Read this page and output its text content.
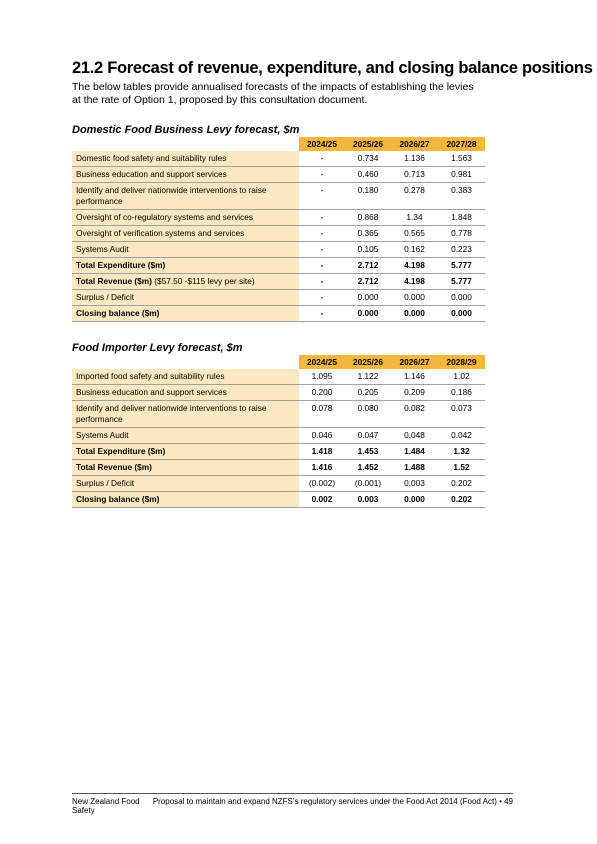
21.2 Forecast of revenue, expenditure, and closing balance positions

The below tables provide annualised forecasts of the impacts of establishing the levies at the rate of Option 1, proposed by this consultation document.

Domestic Food Business Levy forecast, $m

	2024/25	2025/26	2026/27	2027/28
Domestic food safety and suitability rules	-	0.734	1.136	1.563
Business education and support services	-	0.460	0.713	0.981
Identify and deliver nationwide interventions to raise performance	-	0.180	0.278	0.383
Oversight of co-regulatory systems and services	-	0.868	1.34	1.848
Oversight of verification systems and services	-	0.365	0.565	0.778
Systems Audit	-	0.105	0.162	0.223
Total Expenditure ($m)	-	2.712	4.198	5.777
Total Revenue ($m) ($57.50 -$115 levy per site)	-	2.712	4.198	5.777
Surplus / Deficit	-	0.000	0.000	0.000
Closing balance ($m)	-	0.000	0.000	0.000

Food Importer Levy forecast, $m

	2024/25	2025/26	2026/27	2028/29
Imported food safety and suitability rules	1.095	1.122	1.146	1.02
Business education and support services	0.200	0.205	0.209	0.186
Identify and deliver nationwide interventions to raise performance	0.078	0.080	0.082	0.073
Systems Audit	0.046	0.047	0.048	0.042
Total Expenditure ($m)	1.418	1.453	1.484	1.32
Total Revenue ($m)	1.416	1.452	1.488	1.52
Surplus / Deficit	(0.002)	(0.001)	0.003	0.202
Closing balance ($m)	0.002	0.003	0.000	0.202
New Zealand Food Safety
Proposal to maintain and expand NZFS’s regulatory services under the Food Act 2014 (Food Act) • 49
